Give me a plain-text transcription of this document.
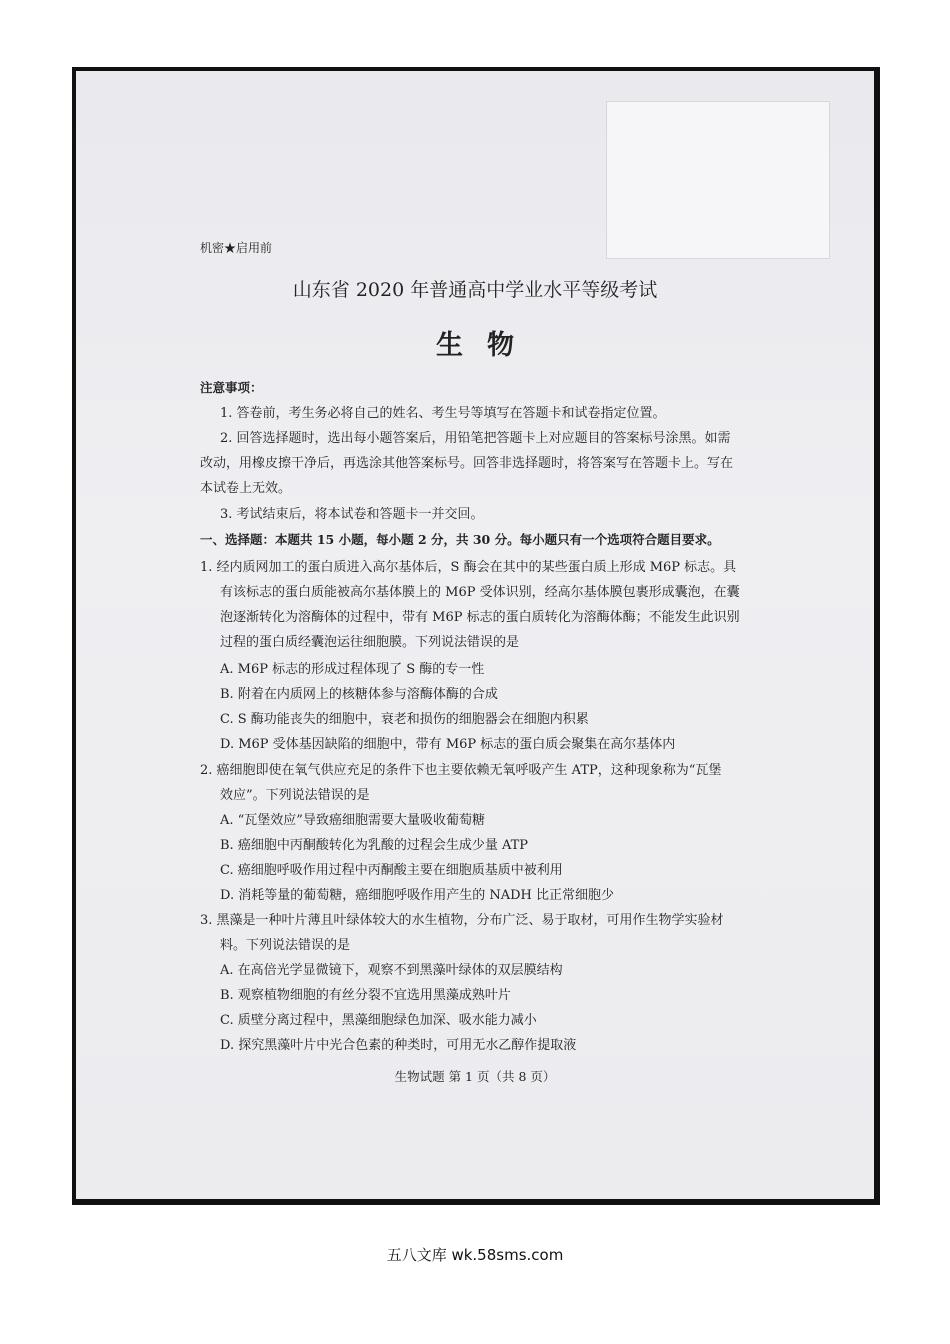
机密★启用前
山东省 2020 年普通高中学业水平等级考试
生物
注意事项：
1. 答卷前，考生务必将自己的姓名、考生号等填写在答题卡和试卷指定位置。
2. 回答选择题时，选出每小题答案后，用铅笔把答题卡上对应题目的答案标号涂黑。如需
改动，用橡皮擦干净后，再选涂其他答案标号。回答非选择题时，将答案写在答题卡上。写在
本试卷上无效。
3. 考试结束后，将本试卷和答题卡一并交回。
一、选择题：本题共 15 小题，每小题 2 分，共 30 分。每小题只有一个选项符合题目要求。
1. 经内质网加工的蛋白质进入高尔基体后，S 酶会在其中的某些蛋白质上形成 M6P 标志。具
有该标志的蛋白质能被高尔基体膜上的 M6P 受体识别，经高尔基体膜包裹形成囊泡，在囊
泡逐渐转化为溶酶体的过程中，带有 M6P 标志的蛋白质转化为溶酶体酶；不能发生此识别
过程的蛋白质经囊泡运往细胞膜。下列说法错误的是
A. M6P 标志的形成过程体现了 S 酶的专一性
B. 附着在内质网上的核糖体参与溶酶体酶的合成
C. S 酶功能丧失的细胞中，衰老和损伤的细胞器会在细胞内积累
D. M6P 受体基因缺陷的细胞中，带有 M6P 标志的蛋白质会聚集在高尔基体内
2. 癌细胞即使在氧气供应充足的条件下也主要依赖无氧呼吸产生 ATP，这种现象称为“瓦堡
效应”。下列说法错误的是
A. “瓦堡效应”导致癌细胞需要大量吸收葡萄糖
B. 癌细胞中丙酮酸转化为乳酸的过程会生成少量 ATP
C. 癌细胞呼吸作用过程中丙酮酸主要在细胞质基质中被利用
D. 消耗等量的葡萄糖，癌细胞呼吸作用产生的 NADH 比正常细胞少
3. 黑藻是一种叶片薄且叶绿体较大的水生植物，分布广泛、易于取材，可用作生物学实验材
料。下列说法错误的是
A. 在高倍光学显微镜下，观察不到黑藻叶绿体的双层膜结构
B. 观察植物细胞的有丝分裂不宜选用黑藻成熟叶片
C. 质壁分离过程中，黑藻细胞绿色加深、吸水能力减小
D. 探究黑藻叶片中光合色素的种类时，可用无水乙醇作提取液
生物试题 第 1 页（共 8 页）
五八文库 wk.58sms.com
